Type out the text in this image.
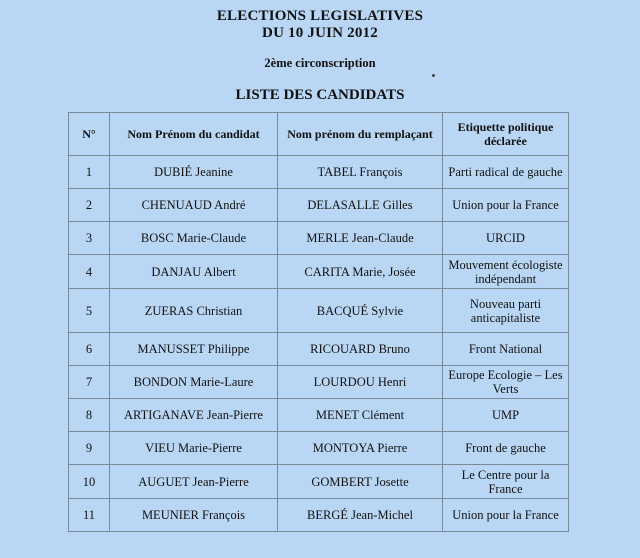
ELECTIONS LEGISLATIVES
DU 10 JUIN 2012
2ème circonscription
LISTE DES CANDIDATS
N°	Nom Prénom du candidat	Nom prénom du remplaçant	Etiquette politique déclarée
1	DUBIÉ Jeanine	TABEL François	Parti radical de gauche
2	CHENUAUD André	DELASALLE Gilles	Union pour la France
3	BOSC Marie-Claude	MERLE Jean-Claude	URCID
4	DANJAU Albert	CARITA Marie, Josée	Mouvement écologiste indépendant
5	ZUERAS Christian	BACQUÉ Sylvie	Nouveau parti anticapitaliste
6	MANUSSET Philippe	RICOUARD Bruno	Front National
7	BONDON Marie-Laure	LOURDOU Henri	Europe Ecologie – Les Verts
8	ARTIGANAVE Jean-Pierre	MENET Clément	UMP
9	VIEU Marie-Pierre	MONTOYA Pierre	Front de gauche
10	AUGUET Jean-Pierre	GOMBERT Josette	Le Centre pour la France
11	MEUNIER François	BERGÉ Jean-Michel	Union pour la France
